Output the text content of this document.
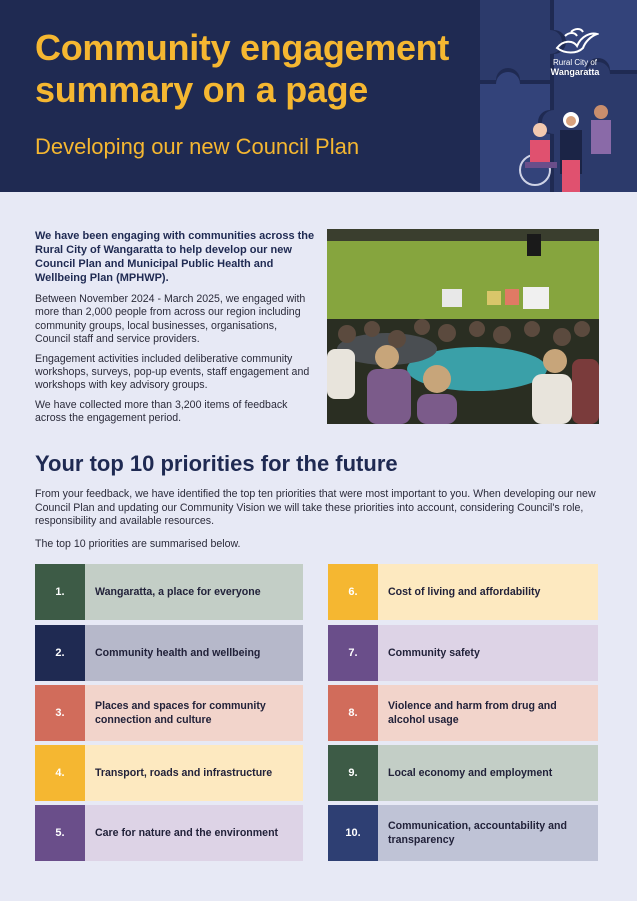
Community engagement
summary on a page
Developing our new Council Plan
Rural City of
Wangaratta

We have been engaging with communities across the Rural City of Wangaratta to help develop our new Council Plan and Municipal Public Health and Wellbeing Plan (MPHWP).

Between November 2024 - March 2025, we engaged with more than 2,000 people from across our region including community groups, local businesses, organisations, Council staff and service providers.

Engagement activities included deliberative community workshops, surveys, pop-up events, staff engagement and workshops with key advisory groups.

We have collected more than 3,200 items of feedback across the engagement period.

Your top 10 priorities for the future
From your feedback, we have identified the top ten priorities that were most important to you. When developing our new Council Plan and updating our Community Vision we will take these priorities into account, considering Council's role, responsibility and available resources.
The top 10 priorities are summarised below.
1.	Wangaratta, a place for everyone
2.	Community health and wellbeing
3.
Places and spaces for community connection and culture
4.	Transport, roads and infrastructure
5.	Care for nature and the environment
6.	Cost of living and affordability
7.	Community safety
8.
Violence and harm from drug and alcohol usage
9.	Local economy and employment
10.
Communication, accountability and transparency
